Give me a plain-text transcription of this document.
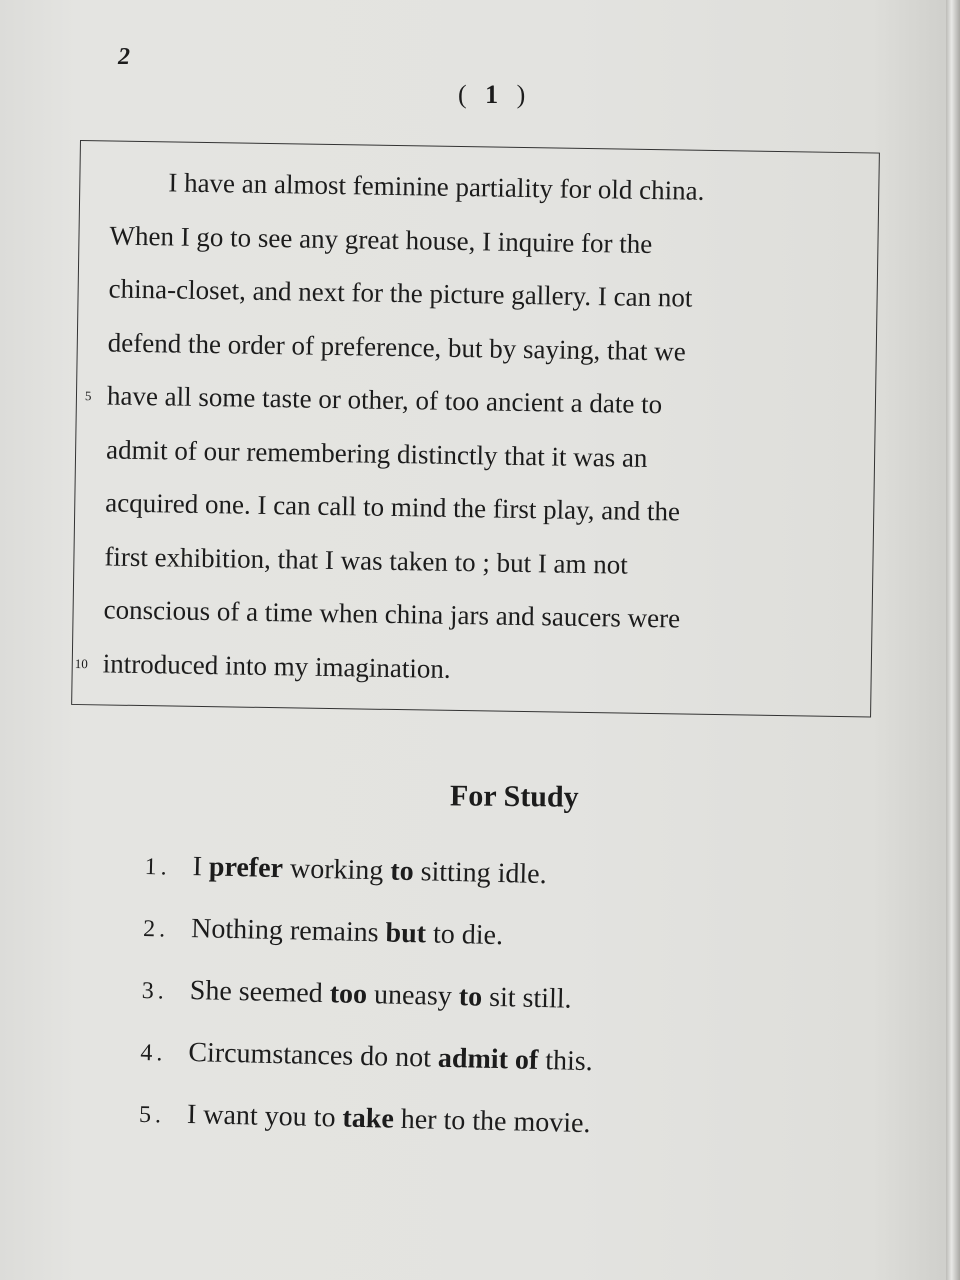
2
( 1 )
I have an almost feminine partiality for old china.
When I go to see any great house, I inquire for the
china-closet, and next for the picture gallery. I can not
defend the order of preference, but by saying, that we
5 have all some taste or other, of too ancient a date to
admit of our remembering distinctly that it was an
acquired one. I can call to mind the first play, and the
first exhibition, that I was taken to ; but I am not
conscious of a time when china jars and saucers were
10 introduced into my imagination.
For Study
1. I prefer working to sitting idle.
2. Nothing remains but to die.
3. She seemed too uneasy to sit still.
4. Circumstances do not admit of this.
5. I want you to take her to the movie.
